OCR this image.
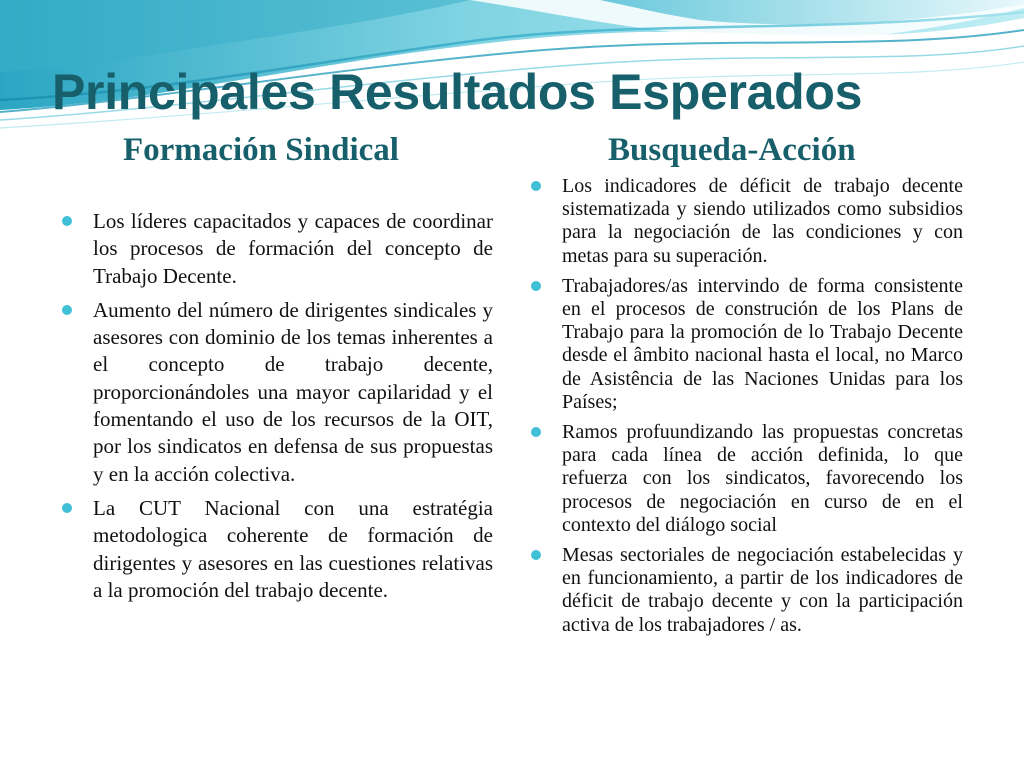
Principales Resultados Esperados
Formación Sindical	Busqueda-Acción
Los líderes capacitados y capaces de coordinar los procesos de formación del concepto de Trabajo Decente.
Aumento del número de dirigentes sindicales y asesores con dominio de los temas inherentes a el concepto de trabajo decente, proporcionándoles una mayor capilaridad y el fomentando el uso de los recursos de la OIT, por los sindicatos en defensa de sus propuestas y en la acción colectiva.
La CUT Nacional con una estratégia metodologica coherente de formación de dirigentes y asesores en las cuestiones relativas a la promoción del trabajo decente.
Los indicadores de déficit de trabajo decente sistematizada y siendo utilizados como subsidios para la negociación de las condiciones y con metas para su superación.
Trabajadores/as intervindo de forma consistente en el procesos de construción de los Plans de Trabajo para la promoción de lo Trabajo Decente desde el âmbito nacional hasta el local, no Marco de Asistência de las Naciones Unidas para los Países;
Ramos profuundizando las propuestas concretas para cada línea de acción definida, lo que refuerza con los sindicatos, favorecendo los procesos de negociación en curso de en el contexto del diálogo social
Mesas sectoriales de negociación estabelecidas y en funcionamiento, a partir de los indicadores de déficit de trabajo decente y con la participación activa de los trabajadores / as.
